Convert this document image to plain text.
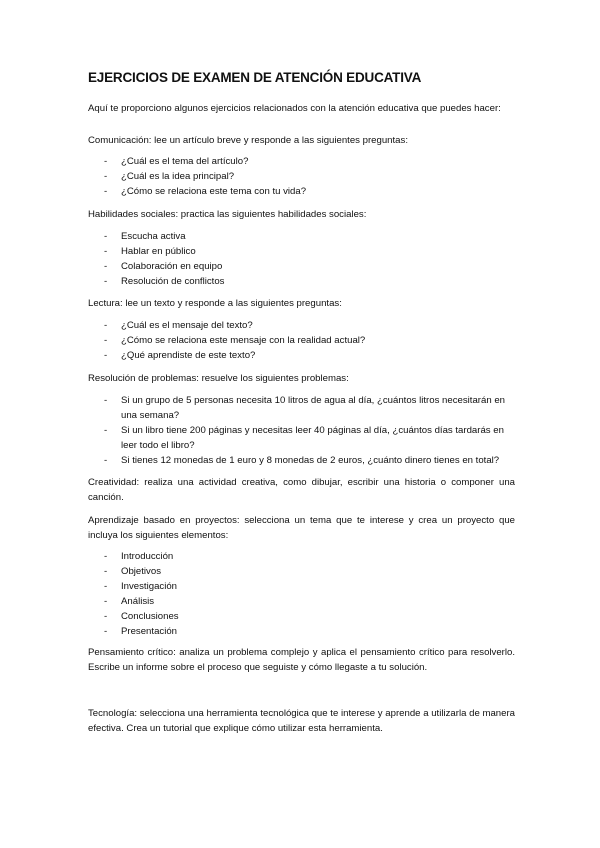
EJERCICIOS DE EXAMEN DE ATENCIÓN EDUCATIVA
Aquí te proporciono algunos ejercicios relacionados con la atención educativa que puedes hacer:
Comunicación: lee un artículo breve y responde a las siguientes preguntas:
- ¿Cuál es el tema del artículo?
- ¿Cuál es la idea principal?
- ¿Cómo se relaciona este tema con tu vida?
Habilidades sociales: practica las siguientes habilidades sociales:
- Escucha activa
- Hablar en público
- Colaboración en equipo
- Resolución de conflictos
Lectura: lee un texto y responde a las siguientes preguntas:
- ¿Cuál es el mensaje del texto?
- ¿Cómo se relaciona este mensaje con la realidad actual?
- ¿Qué aprendiste de este texto?
Resolución de problemas: resuelve los siguientes problemas:
- Si un grupo de 5 personas necesita 10 litros de agua al día, ¿cuántos litros necesitarán en una semana?
- Si un libro tiene 200 páginas y necesitas leer 40 páginas al día, ¿cuántos días tardarás en leer todo el libro?
- Si tienes 12 monedas de 1 euro y 8 monedas de 2 euros, ¿cuánto dinero tienes en total?
Creatividad: realiza una actividad creativa, como dibujar, escribir una historia o componer una canción.
Aprendizaje basado en proyectos: selecciona un tema que te interese y crea un proyecto que incluya los siguientes elementos:
- Introducción
- Objetivos
- Investigación
- Análisis
- Conclusiones
- Presentación
Pensamiento crítico: analiza un problema complejo y aplica el pensamiento crítico para resolverlo. Escribe un informe sobre el proceso que seguiste y cómo llegaste a tu solución.
Tecnología: selecciona una herramienta tecnológica que te interese y aprende a utilizarla de manera efectiva. Crea un tutorial que explique cómo utilizar esta herramienta.
